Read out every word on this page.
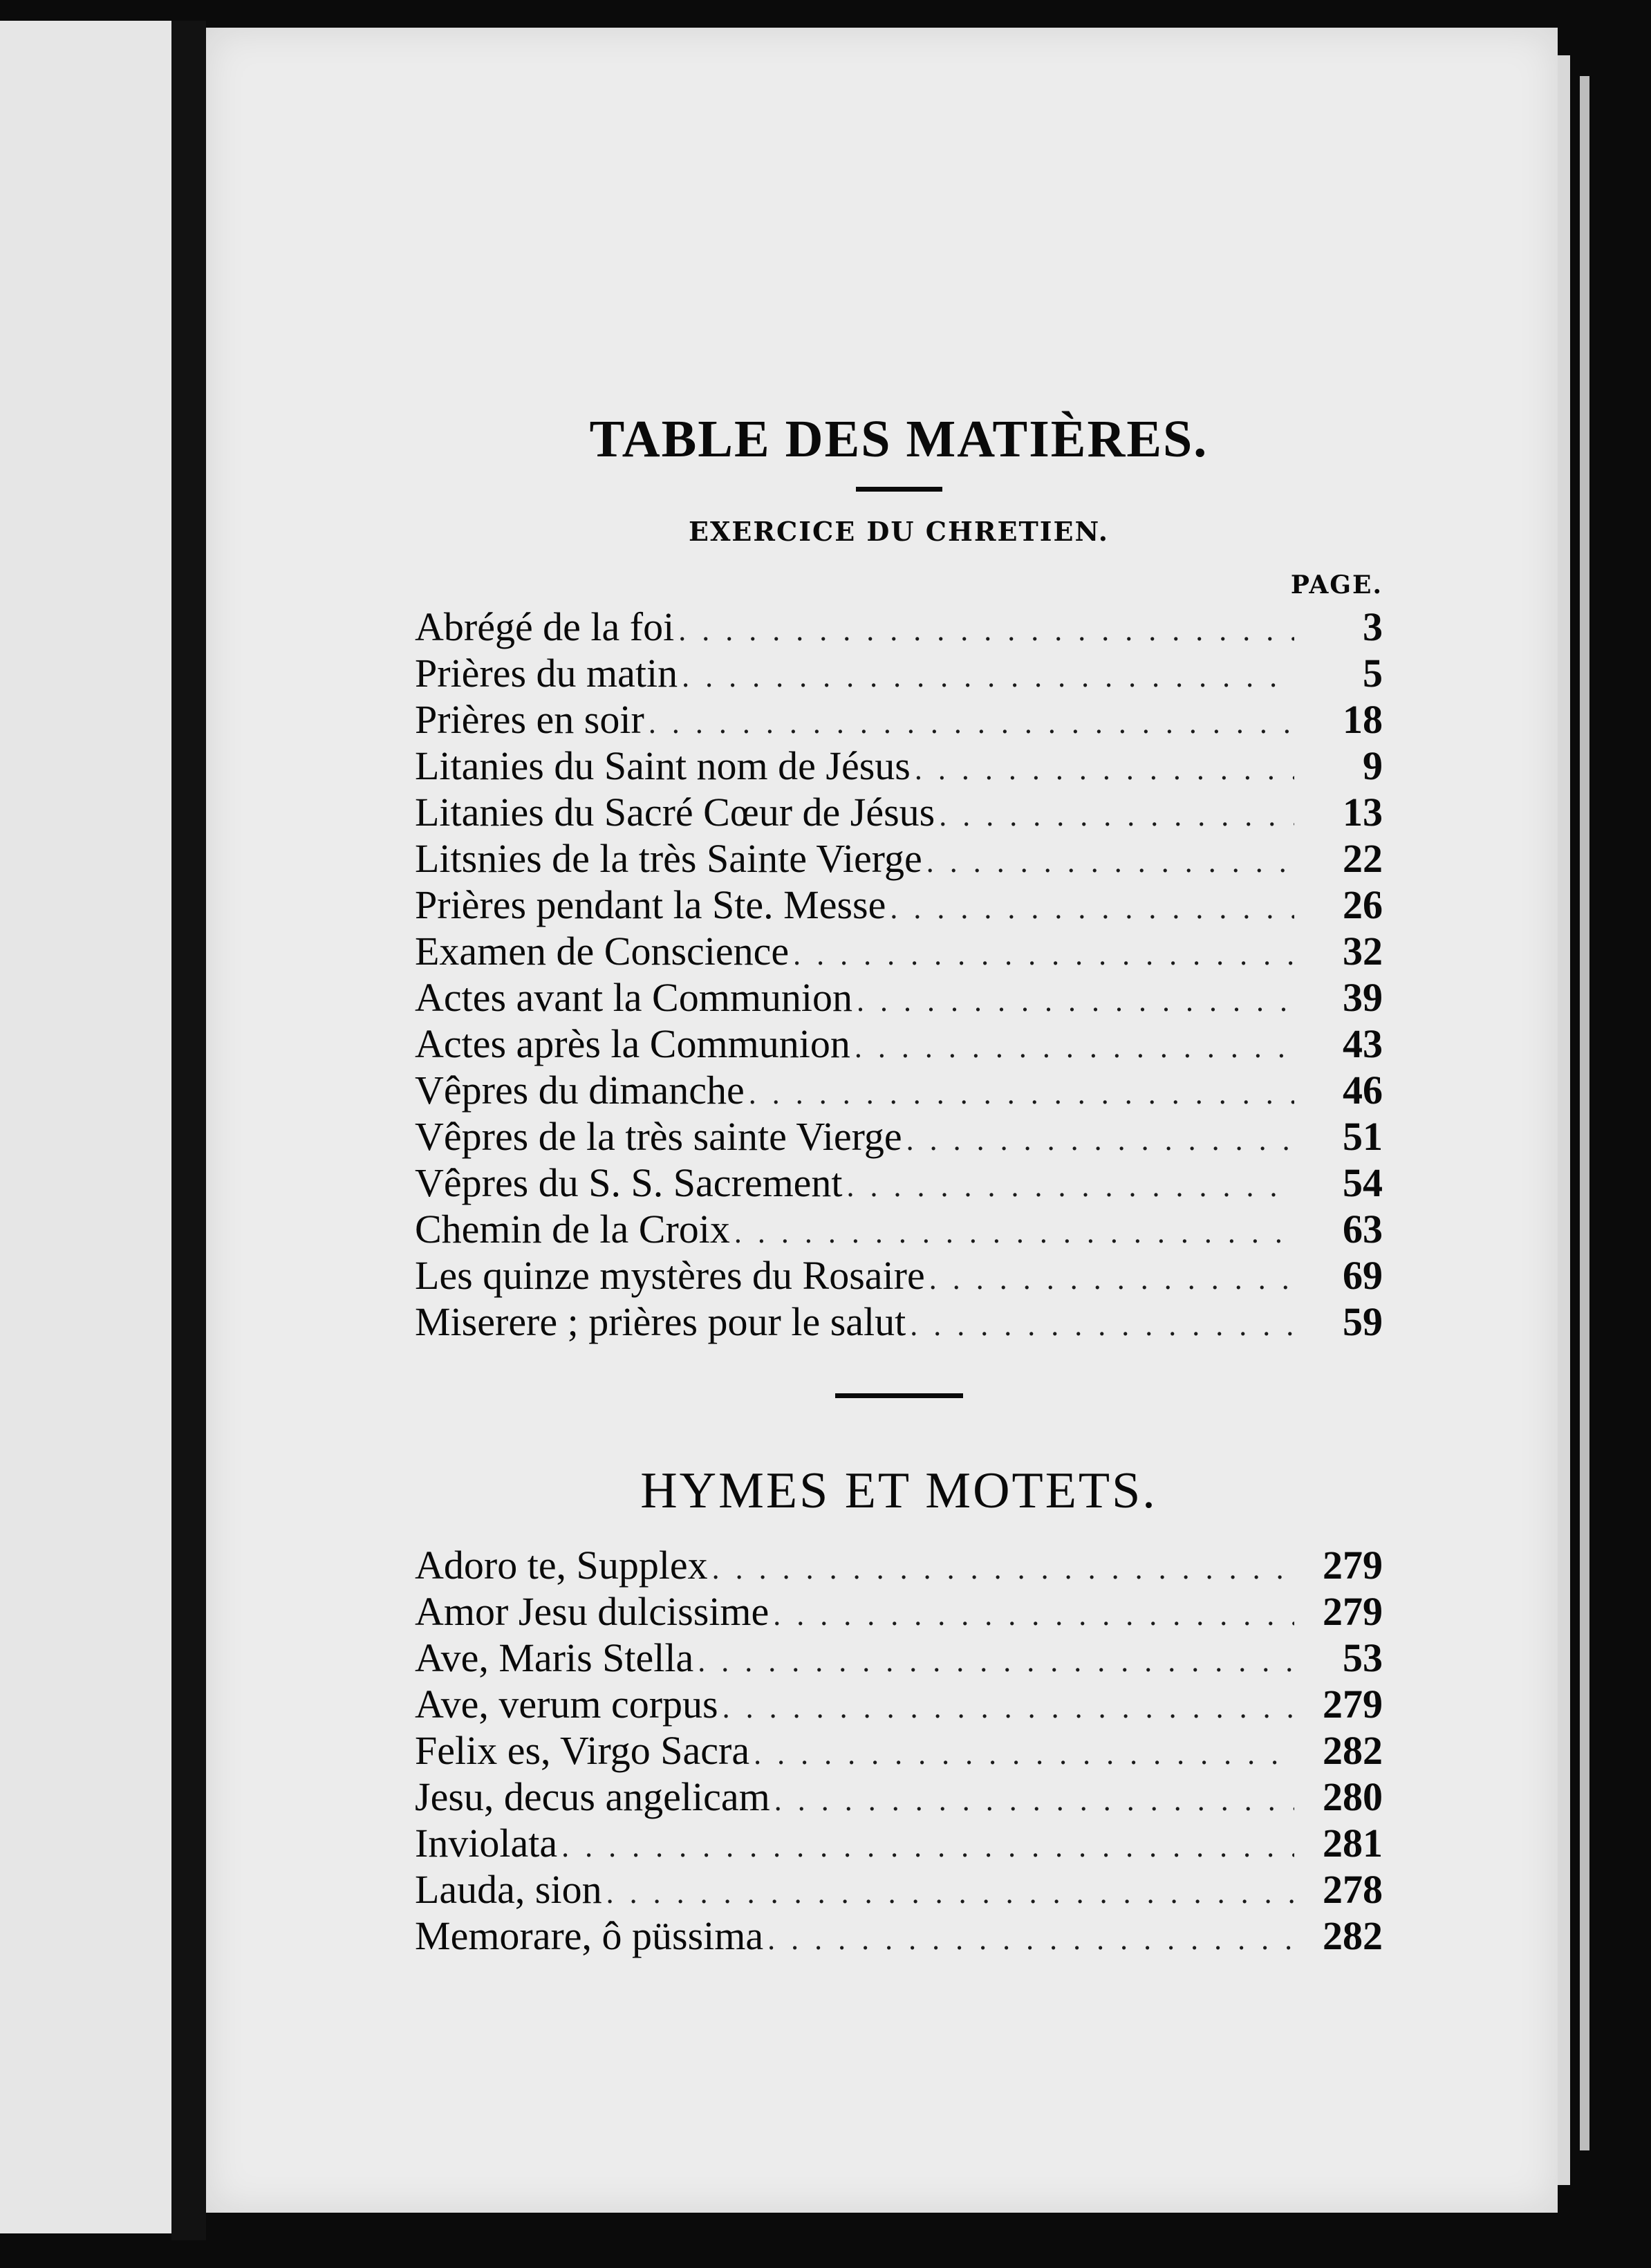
TABLE DES MATIÈRES.
EXERCICE DU CHRETIEN.
PAGE.
Abrégé de la foi . . .	3
Prières du matin . . .	5
Prières en soir . . .	18
Litanies du Saint nom de Jésus . . .	9
Litanies du Sacré Cœur de Jésus . . .	13
Litsnies de la très Sainte Vierge . . .	22
Prières pendant la Ste. Messe . . .	26
Examen de Conscience . . .	32
Actes avant la Communion . . .	39
Actes après la Communion . . .	43
Vêpres du dimanche . . .	46
Vêpres de la très sainte Vierge . . .	51
Vêpres du S. S. Sacrement . . .	54
Chemin de la Croix . . .	63
Les quinze mystères du Rosaire . . .	69
Miserere ; prières pour le salut . . .	59
HYMES ET MOTETS.
Adoro te, Supplex . . .	279
Amor Jesu dulcissime . . .	279
Ave, Maris Stella . . .	53
Ave, verum corpus . . .	279
Felix es, Virgo Sacra . . .	282
Jesu, decus angelicam . . .	280
Inviolata . . .	281
Lauda, sion . . .	278
Memorare, ô püssima . . .	282
